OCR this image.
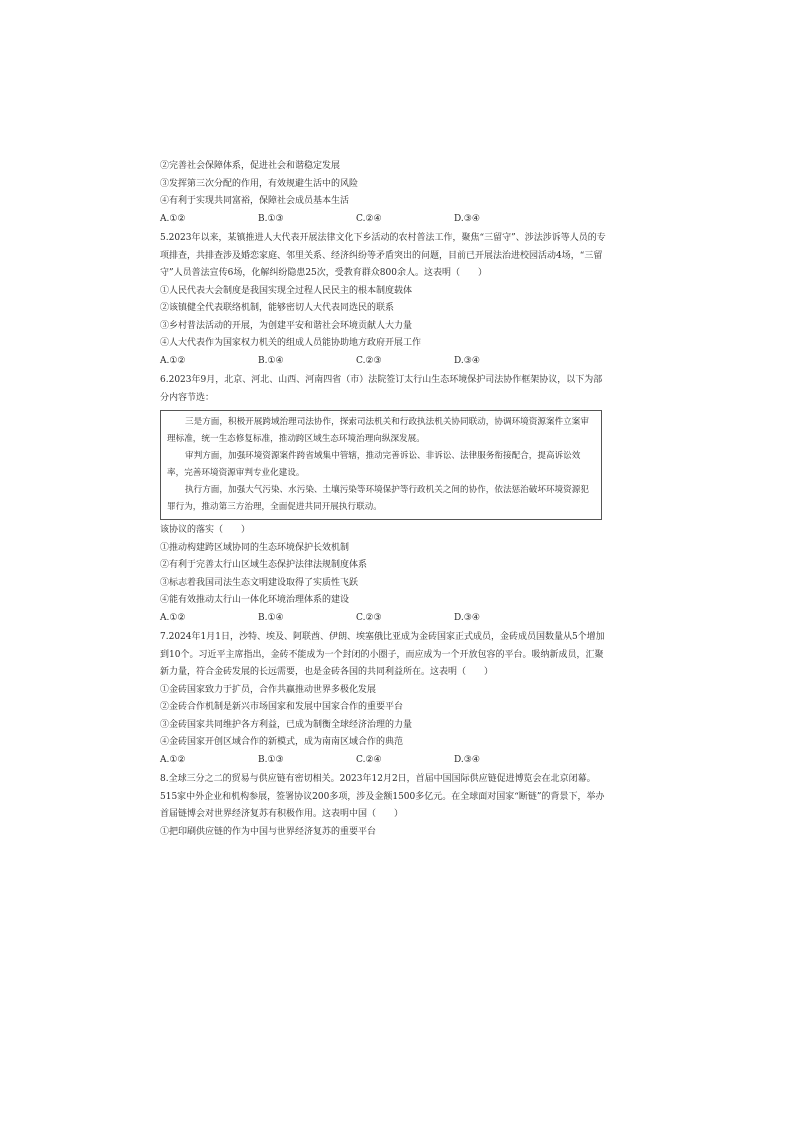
②完善社会保障体系，促进社会和谐稳定发展
③发挥第三次分配的作用，有效规避生活中的风险
④有利于实现共同富裕，保障社会成员基本生活
A.①②	B.①③	C.②④	D.③④
5.2023年以来，某镇推进人大代表开展法律文化下乡活动的农村普法工作，聚焦“三留守”、涉法涉诉等人员的专项排查，共排查涉及婚恋家庭、邻里关系、经济纠纷等矛盾突出的问题，目前已开展法治进校园活动4场，“三留守”人员普法宣传6场，化解纠纷隐患25次，受教育群众800余人。这表明（　　）
①人民代表大会制度是我国实现全过程人民民主的根本制度载体
②该镇健全代表联络机制，能够密切人大代表同选民的联系
③乡村普法活动的开展，为创建平安和谐社会环境贡献人大力量
④人大代表作为国家权力机关的组成人员能协助地方政府开展工作
A.①②	B.①④	C.②③	D.③④
6.2023年9月，北京、河北、山西、河南四省（市）法院签订太行山生态环境保护司法协作框架协议，以下为部分内容节选：

三是方面，积极开展跨域治理司法协作，探索司法机关和行政执法机关协同联动，协调环境资源案件立案审理标准，统一生态修复标准，推动跨区域生态环境治理向纵深发展。

审判方面，加强环境资源案件跨省域集中管辖，推动完善诉讼、非诉讼、法律服务衔接配合，提高诉讼效率，完善环境资源审判专业化建设。

执行方面，加强大气污染、水污染、土壤污染等环境保护等行政机关之间的协作，依法惩治破坏环境资源犯罪行为，推动第三方治理，全面促进共同开展执行联动。

该协议的落实（　　）
①推动构建跨区域协同的生态环境保护长效机制
②有利于完善太行山区域生态保护法律法规制度体系
③标志着我国司法生态文明建设取得了实质性飞跃
④能有效推动太行山一体化环境治理体系的建设
A.①②	B.①④	C.②③	D.③④
7.2024年1月1日，沙特、埃及、阿联酋、伊朗、埃塞俄比亚成为金砖国家正式成员，金砖成员国数量从5个增加到10个。习近平主席指出，金砖不能成为一个封闭的小圈子，而应成为一个开放包容的平台。吸纳新成员，汇聚新力量，符合金砖发展的长远需要，也是金砖各国的共同利益所在。这表明（　　）
①金砖国家致力于扩员，合作共赢推动世界多极化发展
②金砖合作机制是新兴市场国家和发展中国家合作的重要平台
③金砖国家共同维护各方利益，已成为制衡全球经济治理的力量
④金砖国家开创区域合作的新模式，成为南南区域合作的典范
A.①②	B.①③	C.②④	D.③④
8.全球三分之二的贸易与供应链有密切相关。2023年12月2日，首届中国国际供应链促进博览会在北京闭幕。515家中外企业和机构参展，签署协议200多项，涉及金额1500多亿元。在全球面对国家“断链”的背景下，举办首届链博会对世界经济复苏有积极作用。这表明中国（　　）
①把印刷供应链的作为中国与世界经济复苏的重要平台
